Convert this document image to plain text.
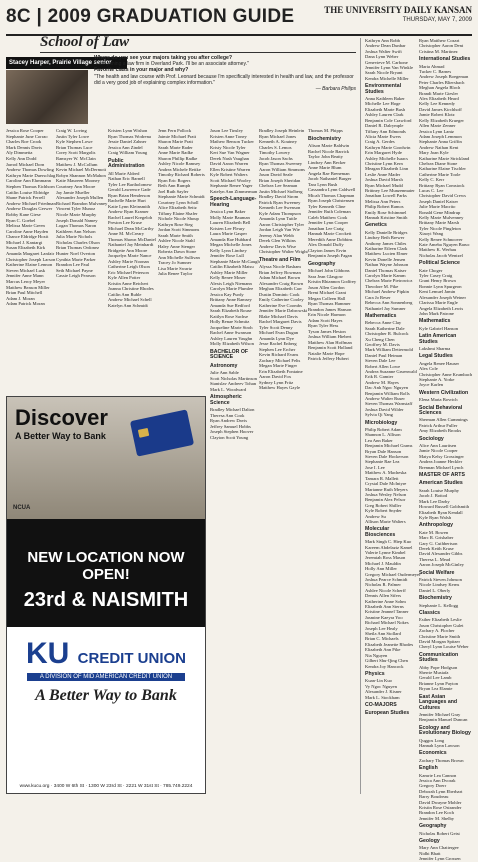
8C | 2009 GRADUATION GUIDE	THE UNIVERSITY DAILY KANSAN
THURSDAY, MAY 7, 2009
School of Law
Stacey Harper, Prairie Village senior
Where do you see your majors taking you after college?
"I am joining a law firm in Overland Park. I'll be an associate attorney."
Favorite class in your major and why?
"The health and law course with Prof. Leonard because I'm specifically interested in health and law, and the professor did a very good job of explaining complex information."
— Barbara Philips
Jessica Rose Cooper
Stephanie June Corrao
Charles Roe Crook
Mark Dennis Davis
Aly Dimmetta
Kelly Ann Dodd
Jarrod Michael Dorn
Andrew Thomas Dowling
Kathryn Marie Duerschlag
Caroline Ann Ehrnmann
Stephen Thomas Eichhorn
Caitlin Louise Eldridge
Shane Patrick Ferrell
Andrew Michael Friedman
Andrew Douglas Gerwer
Robby Kane Giese
Ryan C. Goebel
Melissa Marie Green
Caroline Anne Hayden
Chance Eldridge Hoxit
Michael J. Kantargi
Susan Elizabeth Kirk
Amanda Margaret Lanfair
Christopher Joseph Larson
Katherine Elaine Lennon
Steven Michael Lusk
Jennifer Anne Mann
Marcus Leroy Meyer
Matthew Beason Miller
Brian Paul Mitchell
Adam J. Moran
Adam Patrick Moran
Craig W. Loving
Justin Tyler Lowe
Kyle Stephen Lowe
Brian Thomas Luce
Corey Scott Margolis
Ramsyer W. McClain
Matthew J. McCollum
Kevin Michael McDermott
Robyn Shannon McMahon
Katie Maureen Mooney
Courtney Ann Moore
Jay Jamie Mueller
Alexander Joseph Mullen
Richard Brandon Mulvaney
Vincent Tyler Munoz
Nicole Marie Murphy
Joseph Donald Namey
Logan Thomas Naron
Kathleen Ann Nelson
Julia Marie Nichols
Nicholas Charles Olson
Brian Thomas Ordonez
Hunter Noel Overton
Cynthia Marie Parker
Brandon Lee Paul
Seth Michael Payne
Cassie Leigh Pearson
Kristen Lynn Wishon
Ryan Thomas Wodrena
Jessie Daniel Zahner
Jessica Ann Zindel
Craig William Young
Public Administration
Jill Marie Aldred
Nathan Eric Barnell
Tyler Lee Bartholomew
Gerald Lawrence Gade
Ryan Brian Henderson
Rachelle Marie Hurt
Katie Lynn Kleinsmith
Andrew Ryan Kramer
Rachel Laurel Kregeloh
Preston Lee Kruse
Michael Dean McCarthy
Anne M. McCreary
Thomas Shawn McDaniel
Nathaniel Jay Meinhardt
Bridgette Ann Moore
Jacquelyn Marie Nance
Ashley Marie Noonan
Catherine Leigh Olson
Eric Michael Peterson
Kyle Allen Potter
Kristin Anne Reichert
Joanna Christine Rhodes
Caitlin Ann Ruble
Andrew Michael Schell
Katelyn Ann Schmidt
Jenn Fern Pollock
Jaimie Michael Pratt
Sharon Marie Pratt
Sarah Marie Rader
Anne Marie Radke
Sharon Phillip Radke
Ashley Nicole Ramsey
Andrea Michele Rettke
Timothy Richard Roberts
Ryan Eric Rogers
Beth Ann Rumph
Joel Ruth Sayler
Stephanie Marie Schmidt
Courtney Lynn Scholl
Alice Elizabeth Seitz
Tiffany Elaine Shafer
Nichole Nicole Shoup
Kathryn Rose Sieg
Jordan Scott Simmons
Sarah Marie Smith
Ashlee Nicole Stahl
Haley Anne Stenger
Roberta Dawn Stone
Ann Michelle Sullivan
Tracey Jo Sumner
Lisa Marie Swartz
Julia Renee Taylor
Jason Lee Tinsley
Kristen Anne Toney
Mathew Benson Tucker
Kristy Nicole Tyler
Keri Sue Van Wagner
Derek Nash Vaughan
David Aaron Warren
Ellen Kristine Warren
Kyle Robert Walters
Scott Michael Wooley
Stephanie Renee Yager
Katelyn Ann Zimmerman
Speech-Language-Hearing
Jessica Lynn Baker
Molly Marie Bauman
Lauren Elizabeth Bell
Kristen Lee Fleury
Laura Marie Gasper
Amanda Rae Hubbard
Megan Michelle Jones
Kelly Lynn Lindsey
Jennifer Rose Lull
Stephanie Marie McGaugh
Caitlin Elizabeth Matsu
Ashley Marie Miller
Kelly Renee Moser
Alexis Leigh Niemann
Carolyn Marie Plumlee
Jessica Kay Purdy
Brittany Anne Ramsey
Amanda Sue Redford
Sarah Elizabeth Rouse
Kaitlyn Rose Sachse
Holly Renae Schmitz
Jacqueline Marie Stroh
Rachel Anne Swanson
Ashley Lauren Vaughn
Molly Elizabeth Wilson
BACHELOR OF SCIENCE
Astronomy
Julie Ann Sable
Scott Nicholas Martinson
Stanislav Andreev Tohan
Mark L. Woodward
Atmospheric Science
Bradley Michael Dalton
Theresa Ann Cook
Ryan Andrew Davis
Jeffrey Samuel Hobbs
Joseph Stephen Hoover
Clayton Scott Young
Bradley Joseph Heinlein
Ryan Michael Jones
Kenneth A. Koutney
Charles S. Lemos
Timothy Lowery
Jacob Jason Sachs
Ryan Thomas Sweeney
Aaron William Simmons
Jason David Seale
Brian Joseph Sheridan
Chelsea Lee Seaman
Justin Michael Stolberg
Bradley David Strom
Patrick Ryan Sweeney
Kenneth Lee Swenson
Kyle Adam Thompson
Amanda Lynn Tuttle
Aaron Christopher Tyler
Jordan Leigh Van Wie
Jeremy Alan Webb
Derek Glen Wilkins
Andrew Davis Wise
Christopher Walter Wright
Theatre and Film
Alyssa Nicole Basham
Brian Jeffrey Bowman
Adam Michael Brown
Alexander Craig Brown
Meghan Elizabeth Carr
Dustin Dominic Cook
Emily Catherine Cooley
Katherine Eve Coombs
Jennifer Marie Dabrowski
Blake Michael Davis
Rachel Margaret Davis
Tyler Scott Denny
Michael Evan Dugan
Amanda Lynn Dye
Jesse Rachel Enberg
Stephen Lee Ercher
Kevin Richard Evans
Zachary Michael Felts
Megan Marie Finger
Erin Elizabeth Fontaine
Aaron David Fox
Sydney Lynn Fritz
Matthew Hayes Gayle
Thomas M. Phipps
Biochemistry
Alison Marie Baldwin
Rachel Nicole Barrick
Taylor John Beatty
Lindsey Ann Becker
Anne Marie Blum
Angela Rae Breneman
Jacob Nathaniel Burger
Tara Lynn Bush
Cassandra Lynn Caldwell
Micah Thomas Chapman
Ryan Joseph Christensen
Tyler Kenneth Cline
Jennifer Ruth Coleman
Caleb Matthew Cook
Jennifer Lynn Cooper
Jonathan Lee Craig
Hannah Marie Crockett
Meredith Anne Dobbins
Alex Donald Duffy
Clayton James Ervin
Benjamin Joseph Fagan
Geography
Michael John Gibbons
Sara Jean Glasgow
Kristin Rhiannon Godfrey
Jason Allen Gordon
Brent Michael Grant
Megan Colleen Hall
Ryan Thomas Hammer
Brandon James Hanson
Erin Nicole Harmon
Adam Scott Hayes
Ryan Tyler Hess
Tyson James Heston
Joshua William Hiebert
Matthew Alan Hoffman
Benjamin Scott Holland
Natalie Marie Hope
Patrick Jeffery Hubert
Kathryn Ann Robb
Andrew Dean Dunbar
Joshua Walter Swift
Dana Lynn Weber
Genevieve M. Carbone
Jennifer Lynn Van Winkle
Sarah Nicole Bryant
Kendra Michelle Miller
Environmental Studies
Anna Kathleen Baker
Michelle Lee Hoge
Elizabeth Marie Bush
Ashley Lauren Clark
Benjamin Cole Crawford
Daniel R. Dalrymple
Tiffany Ann Edmonds
Alicia Marie Ewers
Craig A. Gerdes
Kathryn Marie Goodwin
Erin Margaret Hyde
Ashley Michelle Isaacs
Christine Lynn Kern
Meagan Elizabeth Linn
Leslie Anne Mader
Joshua David Marsh
Ryan Michael Mudd
Brittney Lee Munzenmaier
Jonathan Lowell Parks
Melissa Ann Peters
Philip Robert Ramos
Emily Rose Schimmel
Hannah Kristine Smith
Genetics
Kelly Danielle Bridges
Lindsey Beth Brewer
Anthony James Chiles
Katharine Eileen Clark
Matthew Lucien Elmer
Kevin Donelle Jensen
Nathan Wayne Johnson
Daniel Thomas Kaiser
Carolyn Marie Kamm
Chelsea Marie Pietrowicz
Theodore M. Pike
Michael Andrew Pipkin
Cara Jo Reser
Rebecca Ann Sonnenberg
Nathaniel Jay Sumner
Mathematics
Rebecca Anne Clay
Sarah Katherine Dale
Christopher R. Bulcock
Xu Cheng Chen
Geoffrey M. Davis
Mark William Dettermold
Daniel Paul Heiman
Steven Dale Lee
Robert Allen Lowe
Andrea Suzanne Gruenwald
Erik R. Gamier
Andrew M. Hayes
Dac Anh Ngoc Nguyen
Benjamin William Rolls
Andrew Walter Ruser
Steven Thomas Warnstaff
Joshua David Wilder
Sylvia Qi Yang
Microbiology
Philip Robert Adam
Shannon L. Allison
Lea Ann Baker
Benjamin Michael Grams
Bryan Dale Hanson
Steven Dale Hockerson
Stephanie Rae Lea
Jose I. Lee
Matthew A. Macheska
Tamara R. Mallett
Crystal Dale McIntyre
Marianne Ruth Meyers
Joshua Wesley Nelson
Benjamin Alex Pelsor
Greg Robert Shiller
Kyle Robert Snyder
Andrew Su
Allison Marie Walters
Molecular Biosciences
Mark Singh C. Hiep Kuo
Kareem Abdelaziz Kamel
Valerie Lynne Kimbel
Jeremiah Ross Mason
Michael J. Mauldin
Holly Ann Miller
Gregory Michael Oudermeyer
Joshua Pearce Schmidt
Nicholas R. Palmer
Ashlee Nicole Scherff
Dennis Allen Sifers
Katherine Anne Sohm
Elizabeth Ann Sterns
Kristine Jeannel Tanner
Jasmine Kaeyra Yoo
Richard Michael Nokes
Joseph Lee Healy
Sheila Ann Stollard
Brian C. Michaels
Elizabeth Jeanette Rhodes
Elizabeth Ann Pike
Nia Nguyen
Gilbert Shu-Qing Chen
Kendra Joy Hancock
Physics
Kuan-Lin Kuo
Vy Ngoc Nguyen
Alexander J. Kisner
Mark L. Stockham
CO-MAJORS
European Studies
Ryan Matthew Cozart
Christopher Aaron Dent
Cristina M. Martinez
International Studies
Maria Ahmad
Tucker C. Barnes
Andrew Joseph Boegeman
Peter Charles Bliersbach
Meghan Angela Bloch
Brandi Marie Giesler
Alex Elizabeth Heard
Kelly Lee Kennedy
David James Kirchhoff
Jamie Robert Klotz
Kelly Elizabeth Krueger
Allen Marie Zenner
Jessica Lynn Lantz
Adam Joseph Lemmon
Stephanie Anna Griffin
Andrew Nathan Kent
Mary Joan Kyle
Katharine Marie Strickland
Chelsea Diane Stone
Katharine Elaine Tischler
Catherine Marie Toole
Kelly C. Kerr
Brittany Ryan Comstock
Lucas C. Lee
Christopher David Crews
Joseph Daniel Kaiser
Julie Marie Macrito
Ronald Gene Mindrup
Kelly Marie Mulvenney
Brittany Marie Marsh
Tyler Nicole Pingleton
Xiaoyi Wang
Kelly Renee Schnoover
Kate Ameba Nguyen Baruc
Matthew K. Werhau
Nicholas Jacob Wentzel
Political Science
Kate Choger
Tyler Casey Craig
Grant Henry Brown
Bonnie Lynn Spurgeon
Kent Lemuel Jamin
Alexander Joseph Weiner
Clarissa Marie Engle
Angela Elizabeth Lewis
John Mark Patrone
Mathematics
Kyle Gabriel Hanson
Latin American Studies
Lakshmi Sharma
Legal Studies
Angela Renee Hauser
Alex Cole
Christopher Anne Krumbach
Stephanie A. Yorke
Joyce Karlen
Western Civilization
Elena Maria Bovrich
Social Behavioral Sciences
Sherman Allen Cummings
Patrick Arthur Fuller
Amy Elizabeth Brooks
Sociology
Alice Ann Lauritsen
Jamie Nicole Cooper
Maiya Kelsy Grossinger
Andrea Joanne Heckler
Brennan Michael Lynch
MASTER OF ARTS
American Studies
Sarah Louise Murphy
Jacob J. Bottod
Mark Lee Darby
Howard Russell Goldsmith
Elizabeth Ryan Kendall
Kyle Ryan Walsh
Anthropology
Kate M. Bowen
Marc R. Grishaber
Gary G. Cuthbertson
Derek Keith Kruse
David Alexander Gibbs
Theresa L. Mead
Aaron Joseph McGinley
Social Welfare
Patrick Steven Johnson
Nicole Lindsey Kerns
Daniel L. Oberly
Biochemistry
Stephanie L. Kellogg
Classics
Esther Elizabeth Leslie
Jason Christopher Gulet
Zachary A. Plocher
Christine Marie Smith
David Morgan Spitzer
Cheryl Lynn Louise Weber
Communication Studies
Abby Pope Hodgson
Sherrie Mustafa
Gerald Lee Lamb
Brianne Lynn Payton
Bryan Lea Elamie
East Asian Languages and Cultures
Jennifer Michael Gray
Benjamin Manuel Duncan
Ecology and Evolutionary Biology
Quggos Long
Hannah Lynn Lawson
Economics
Zachary Thomas Brown
English
Kamrie Lea Cannon
Jessica Ann Dvorak
Gregory Doerr
Deborah Lynn Eberhart
Barry Boudreau
David Dwayne Mohler
Kristin Rose Ostrander
Brandon Lee Koch
Jennifer M. Shelby
Geography
Nicholas Robert Geist
Geology
Mary Ann Chattergee
Nidhi Bhatt
Jennifer Lynn Grossen
Discover
A Better Way to Bank
NCUA
NEW LOCATION NOW OPEN!
23rd & NAISMITH
KU CREDIT UNION
A DIVISION OF MID AMERICAN CREDIT UNION
A Better Way to Bank
www.kucu.org · 3400 W 6th St · 1300 W 23rd St · 2221 W 31st St · 785.749.2224
